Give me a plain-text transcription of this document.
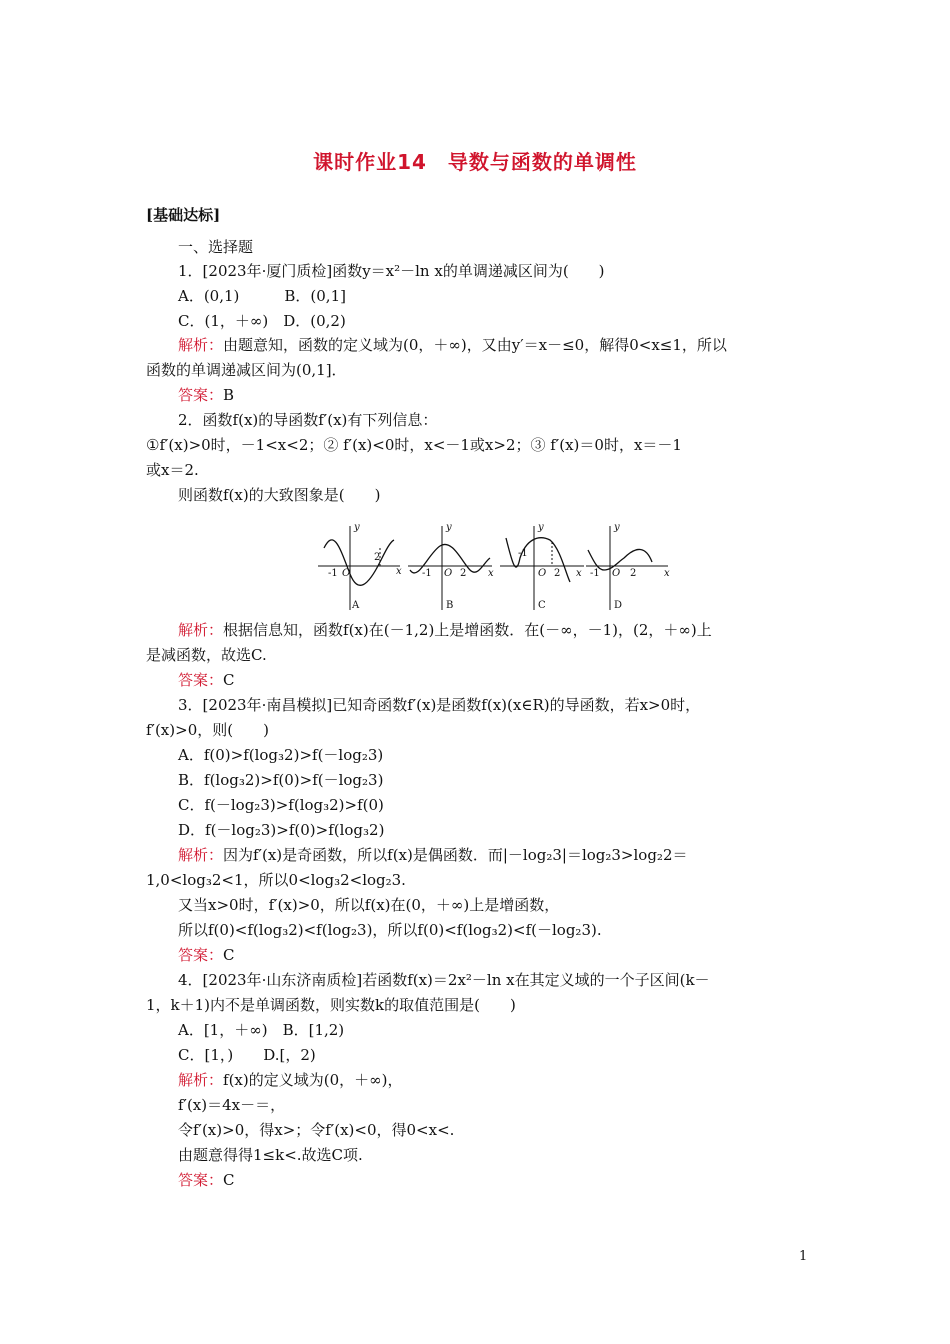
课时作业14　导数与函数的单调性
[基础达标]
一、选择题
1．[2023年·厦门质检]函数y＝x²－ln x的单调递减区间为(　　)
A．(0,1)　　　B．(0,1]
C．(1，＋∞)　D．(0,2)
解析：由题意知，函数的定义域为(0，＋∞)，又由y′＝x－≤0，解得0<x≤1，所以
函数的单调递减区间为(0,1]．
答案：B
2．函数f(x)的导函数f′(x)有下列信息：
①f′(x)>0时，－1<x<2；② f′(x)<0时，x<－1或x>2；③ f′(x)＝0时，x＝－1
或x＝2.
则函数f(x)的大致图象是(　　)
解析：根据信息知，函数f(x)在(－1,2)上是增函数．在(－∞，－1)，(2，＋∞)上
是减函数，故选C.
答案：C
3．[2023年·南昌模拟]已知奇函数f′(x)是函数f(x)(x∈R)的导函数，若x>0时，
f′(x)>0，则(　　)
A．f(0)>f(log₃2)>f(－log₂3)
B．f(log₃2)>f(0)>f(－log₂3)
C．f(－log₂3)>f(log₃2)>f(0)
D．f(－log₂3)>f(0)>f(log₃2)
解析：因为f′(x)是奇函数，所以f(x)是偶函数．而|－log₂3|＝log₂3>log₂2＝
1,0<log₃2<1，所以0<log₃2<log₂3.
又当x>0时，f′(x)>0，所以f(x)在(0，＋∞)上是增函数，
所以f(0)<f(log₃2)<f(log₂3)，所以f(0)<f(log₃2)<f(－log₂3).
答案：C
4．[2023年·山东济南质检]若函数f(x)＝2x²－ln x在其定义域的一个子区间(k－
1，k＋1)内不是单调函数，则实数k的取值范围是(　　)
A．[1，＋∞)　B．[1,2)
C．[1，)　　D.[，2)
解析：f(x)的定义域为(0，＋∞)，
f′(x)＝4x－＝，
令f′(x)>0，得x>；令f′(x)<0，得0<x<.
由题意得得1≤k<.故选C项.
答案：C
y
x
O
-1
2
A
y
x
O
-1	2
B
y
x
O
-1
2
C
y
x
O
-1	2
D
1
